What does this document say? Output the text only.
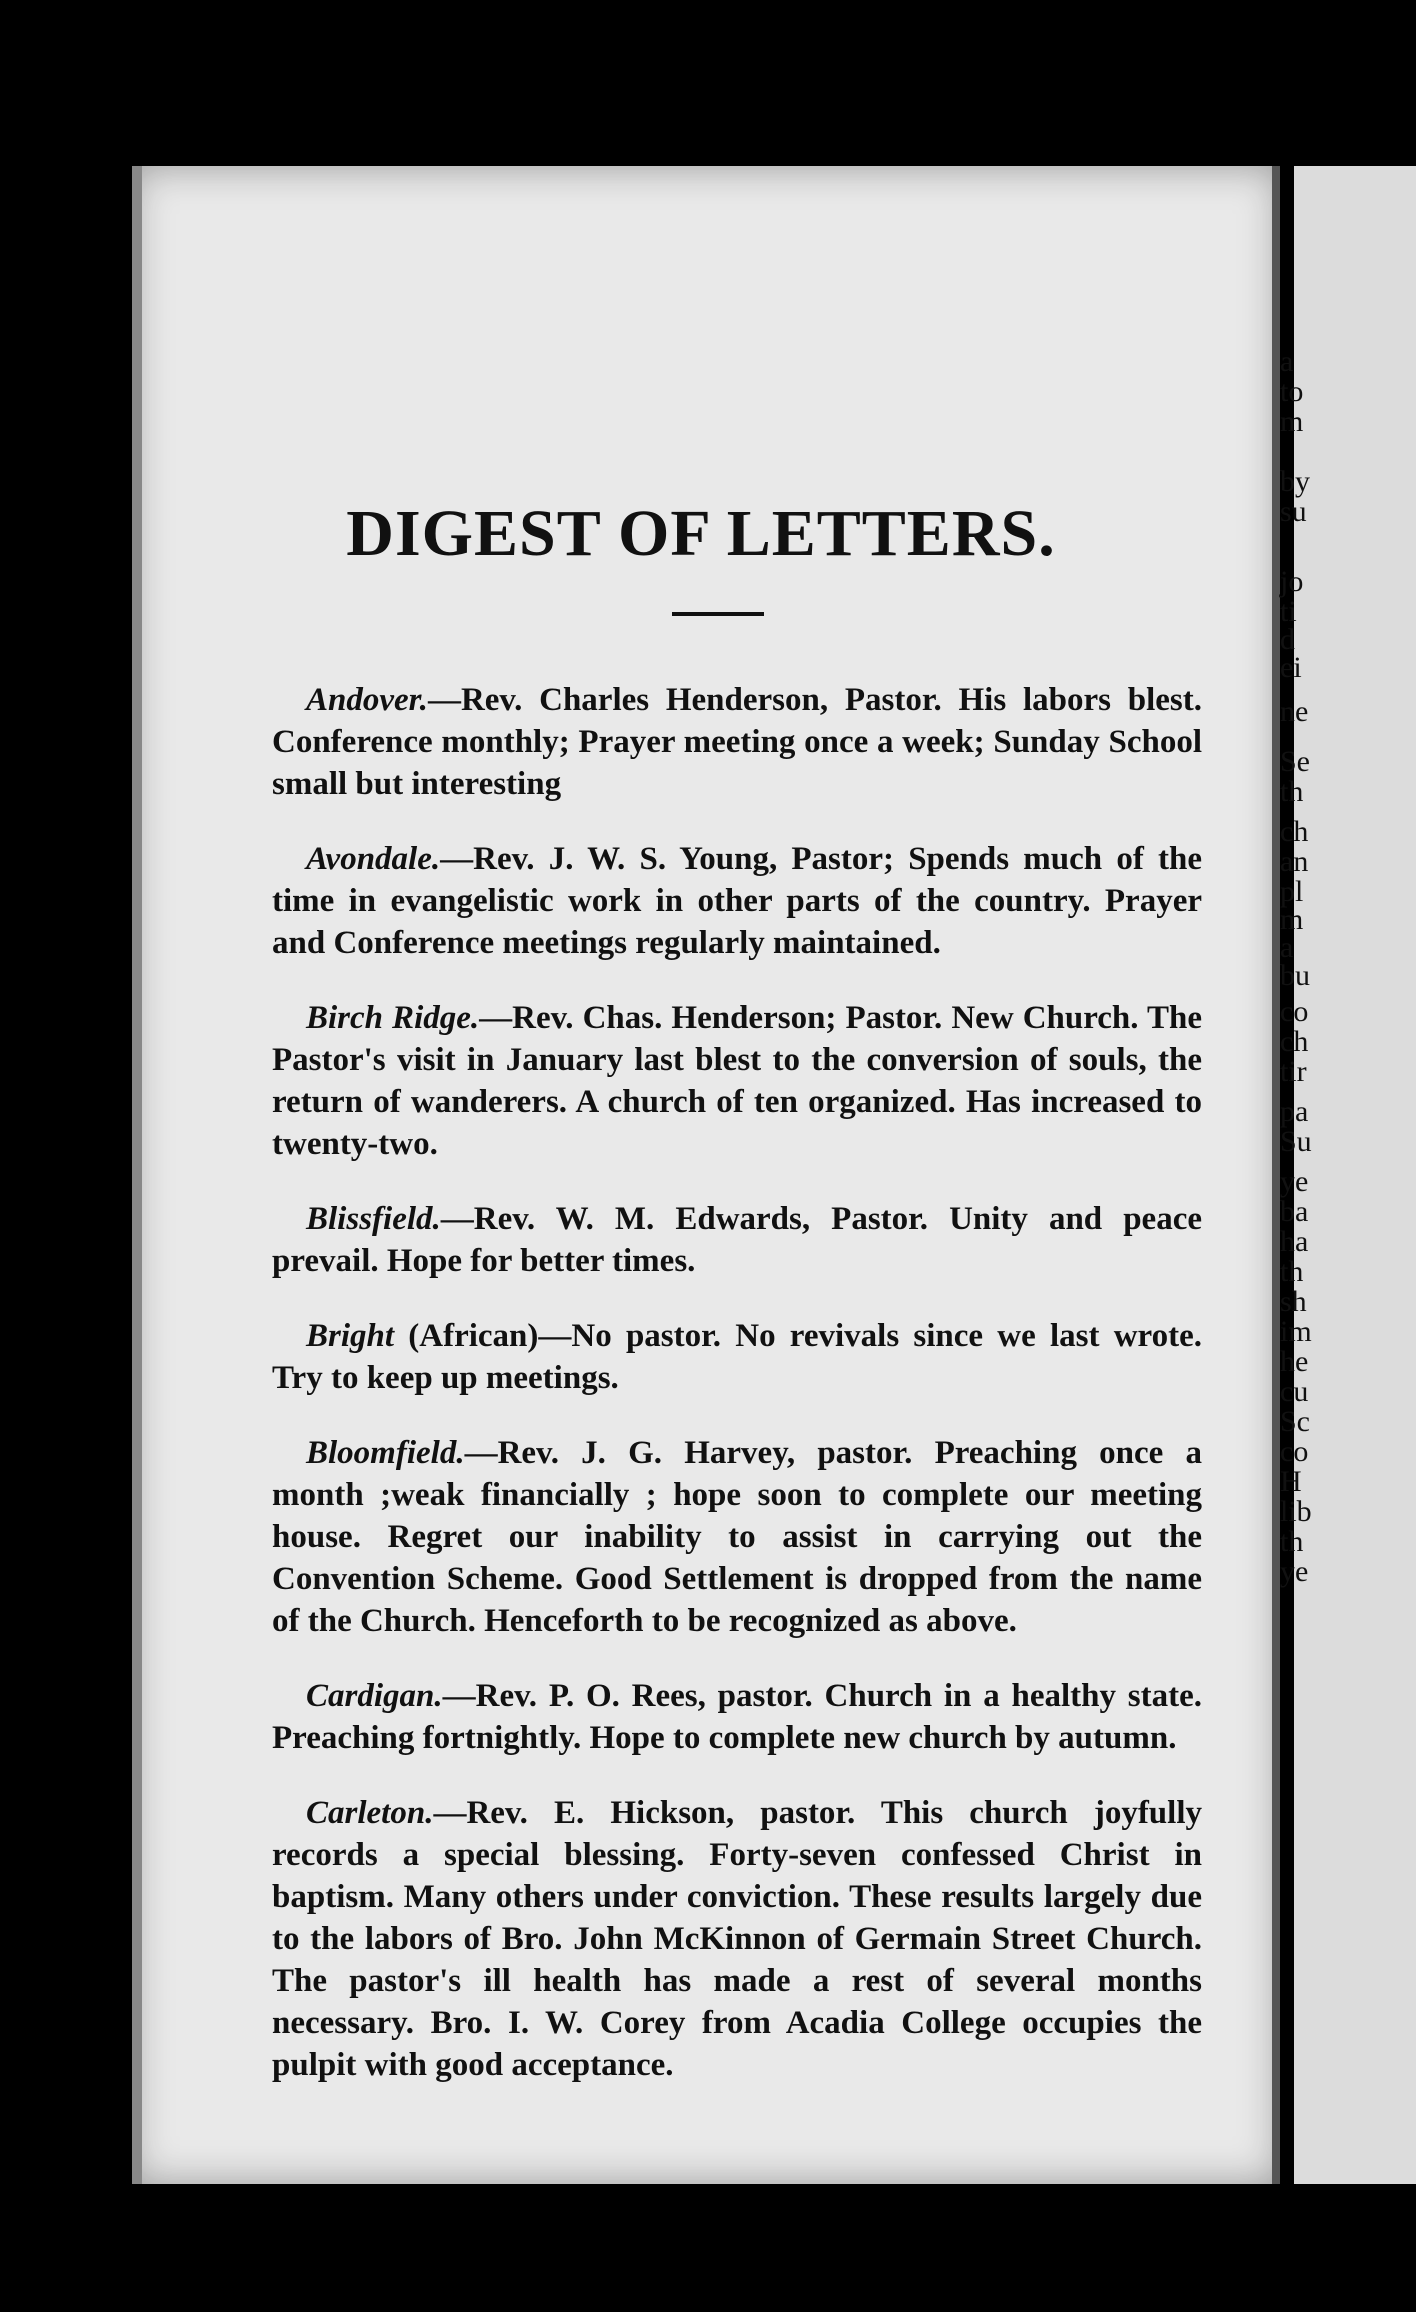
DIGEST OF LETTERS.

Andover.—Rev. Charles Henderson, Pastor. His labors blest. Conference monthly; Prayer meeting once a week; Sunday School small but interesting

Avondale.—Rev. J. W. S. Young, Pastor; Spends much of the time in evangelistic work in other parts of the country. Prayer and Conference meetings regularly maintained.

Birch Ridge.—Rev. Chas. Henderson; Pastor. New Church. The Pastor's visit in January last blest to the conversion of souls, the return of wanderers. A church of ten organized. Has increased to twenty-two.

Blissfield.—Rev. W. M. Edwards, Pastor. Unity and peace prevail. Hope for better times.

Bright (African)—No pastor. No revivals since we last wrote. Try to keep up meetings.

Bloomfield.—Rev. J. G. Harvey, pastor. Preaching once a month ;weak financially ; hope soon to complete our meeting house. Regret our inability to assist in carrying out the Convention Scheme. Good Settlement is dropped from the name of the Church. Henceforth to be recognized as above.

Cardigan.—Rev. P. O. Rees, pastor. Church in a healthy state. Preaching fortnightly. Hope to complete new church by autumn.

Carleton.—Rev. E. Hickson, pastor. This church joyfully records a special blessing. Forty-seven confessed Christ in baptism. Many others under conviction. These results largely due to the labors of Bro. John McKinnon of Germain Street Church. The pastor's ill health has made a rest of several months necessary. Bro. I. W. Corey from Acadia College occupies the pulpit with good acceptance.

a
to
m
by
su
jo
ti
d
ei
ne
Se
th
ch
an
pl
m
a
bu
co
ch
tir
pa
Su
ye
ba
ha
th
sh
im
he
cu
Sc
co
H
lib
th
ye
